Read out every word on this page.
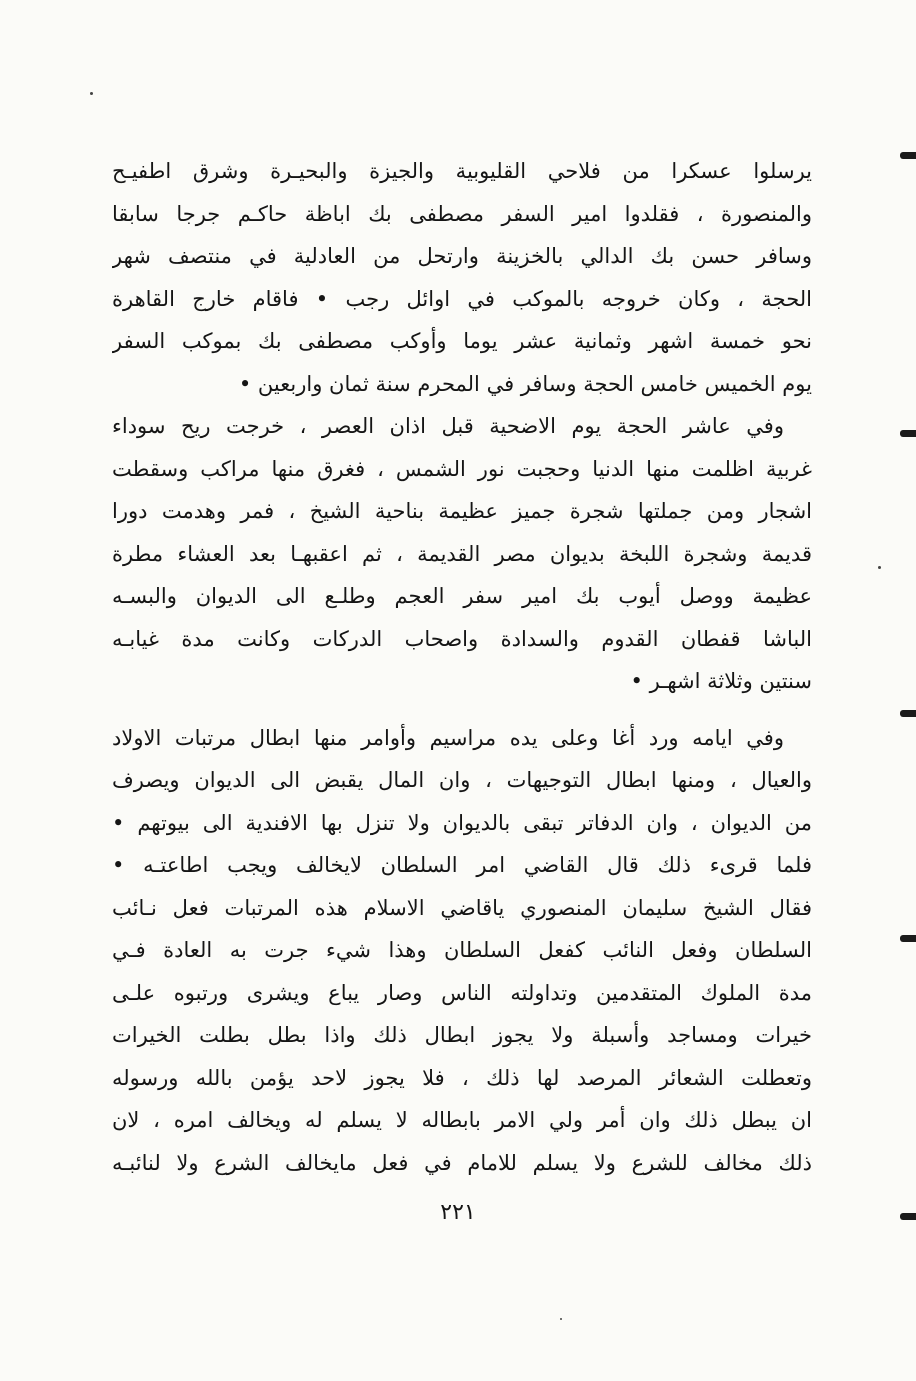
يرسلوا عسكرا من فلاحي القليوبية والجيزة والبحيـرة وشرق اطفيـح
والمنصورة ، فقلدوا امير السفر مصطفى بك اباظة حاكـم جرجا سابقا
وسافر حسن بك الدالي بالخزينة وارتحل من العادلية في منتصف شهر
الحجة ، وكان خروجه بالموكب في اوائل رجب • فاقام خارج القاهرة
نحو خمسة اشهر وثمانية عشر يوما وأوكب مصطفى بك بموكب السفر
يوم الخميس خامس الحجة وسافر في المحرم سنة ثمان واربعين •
وفي عاشر الحجة يوم الاضحية قبل اذان العصر ، خرجت ريح سوداء
غربية اظلمت منها الدنيا وحجبت نور الشمس ، فغرق منها مراكب وسقطت
اشجار ومن جملتها شجرة جميز عظيمة بناحية الشيخ ، فمر وهدمت دورا
قديمة وشجرة اللبخة بديوان مصر القديمة ، ثم اعقبهـا بعد العشاء مطرة
عظيمة ووصل أيوب بك امير سفر العجم وطلـع الى الديوان والبسـه
الباشا قفطان القدوم والسدادة واصحاب الدركات وكانت مدة غيابـه
سنتين وثلاثة اشهـر •
وفي ايامه ورد أغا وعلى يده مراسيم وأوامر منها ابطال مرتبات الاولاد
والعيال ، ومنها ابطال التوجيهات ، وان المال يقبض الى الديوان ويصرف
من الديوان ، وان الدفاتر تبقى بالديوان ولا تنزل بها الافندية الى بيوتهم •
فلما قرىء ذلك قال القاضي امر السلطان لايخالف ويجب اطاعتـه •
فقال الشيخ سليمان المنصوري ياقاضي الاسلام هذه المرتبات فعل نـائب
السلطان وفعل النائب كفعل السلطان وهذا شيء جرت به العادة فـي
مدة الملوك المتقدمين وتداولته الناس وصار يباع ويشرى ورتبوه علـى
خيرات ومساجد وأسبلة ولا يجوز ابطال ذلك واذا بطل بطلت الخيرات
وتعطلت الشعائر المرصد لها ذلك ، فلا يجوز لاحد يؤمن بالله ورسوله
ان يبطل ذلك وان أمر ولي الامر بابطاله لا يسلم له ويخالف امره ، لان
ذلك مخالف للشرع ولا يسلم للامام في فعل مايخالف الشرع ولا لنائبـه
٢٢١
